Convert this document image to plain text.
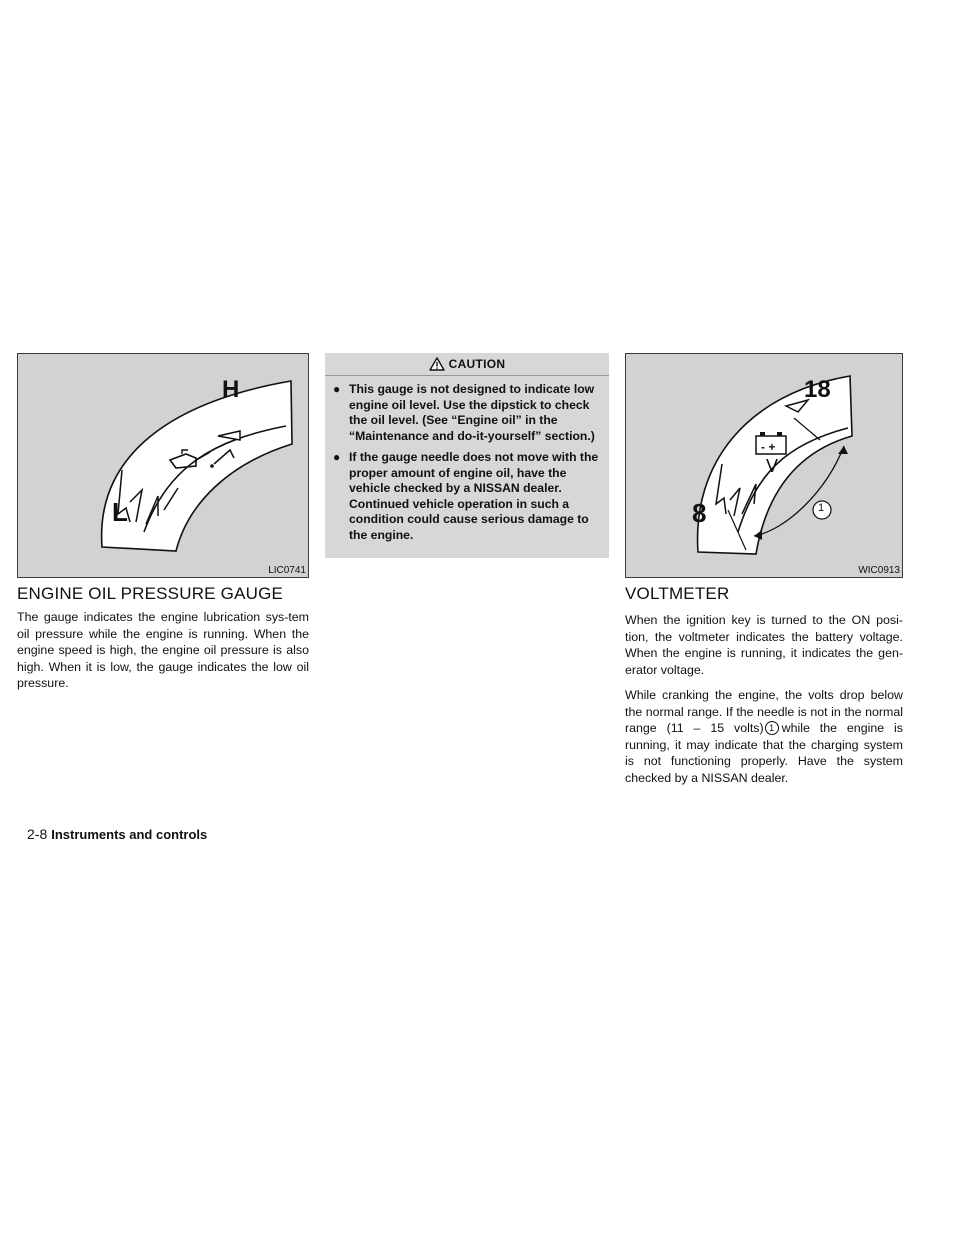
H
L
LIC0741
ENGINE OIL PRESSURE GAUGE

The gauge indicates the engine lubrication sys-tem oil pressure while the engine is running. When the engine speed is high, the engine oil pressure is also high. When it is low, the gauge indicates the low oil pressure.

CAUTION
● This gauge is not designed to indicate low engine oil level. Use the dipstick to check the oil level. (See “Engine oil” in the “Maintenance and do-it-yourself” section.)
● If the gauge needle does not move with the proper amount of engine oil, have the vehicle checked by a NISSAN dealer. Continued vehicle operation in such a condition could cause serious damage to the engine.
- +
18
8
V
1
WIC0913
VOLTMETER

When the ignition key is turned to the ON posi-tion, the voltmeter indicates the battery voltage. When the engine is running, it indicates the gen-erator voltage.

While cranking the engine, the volts drop below the normal range. If the needle is not in the normal range (11 – 15 volts) 1 while the engine is running, it may indicate that the charging system is not functioning properly. Have the system checked by a NISSAN dealer.

2-8 Instruments and controls
